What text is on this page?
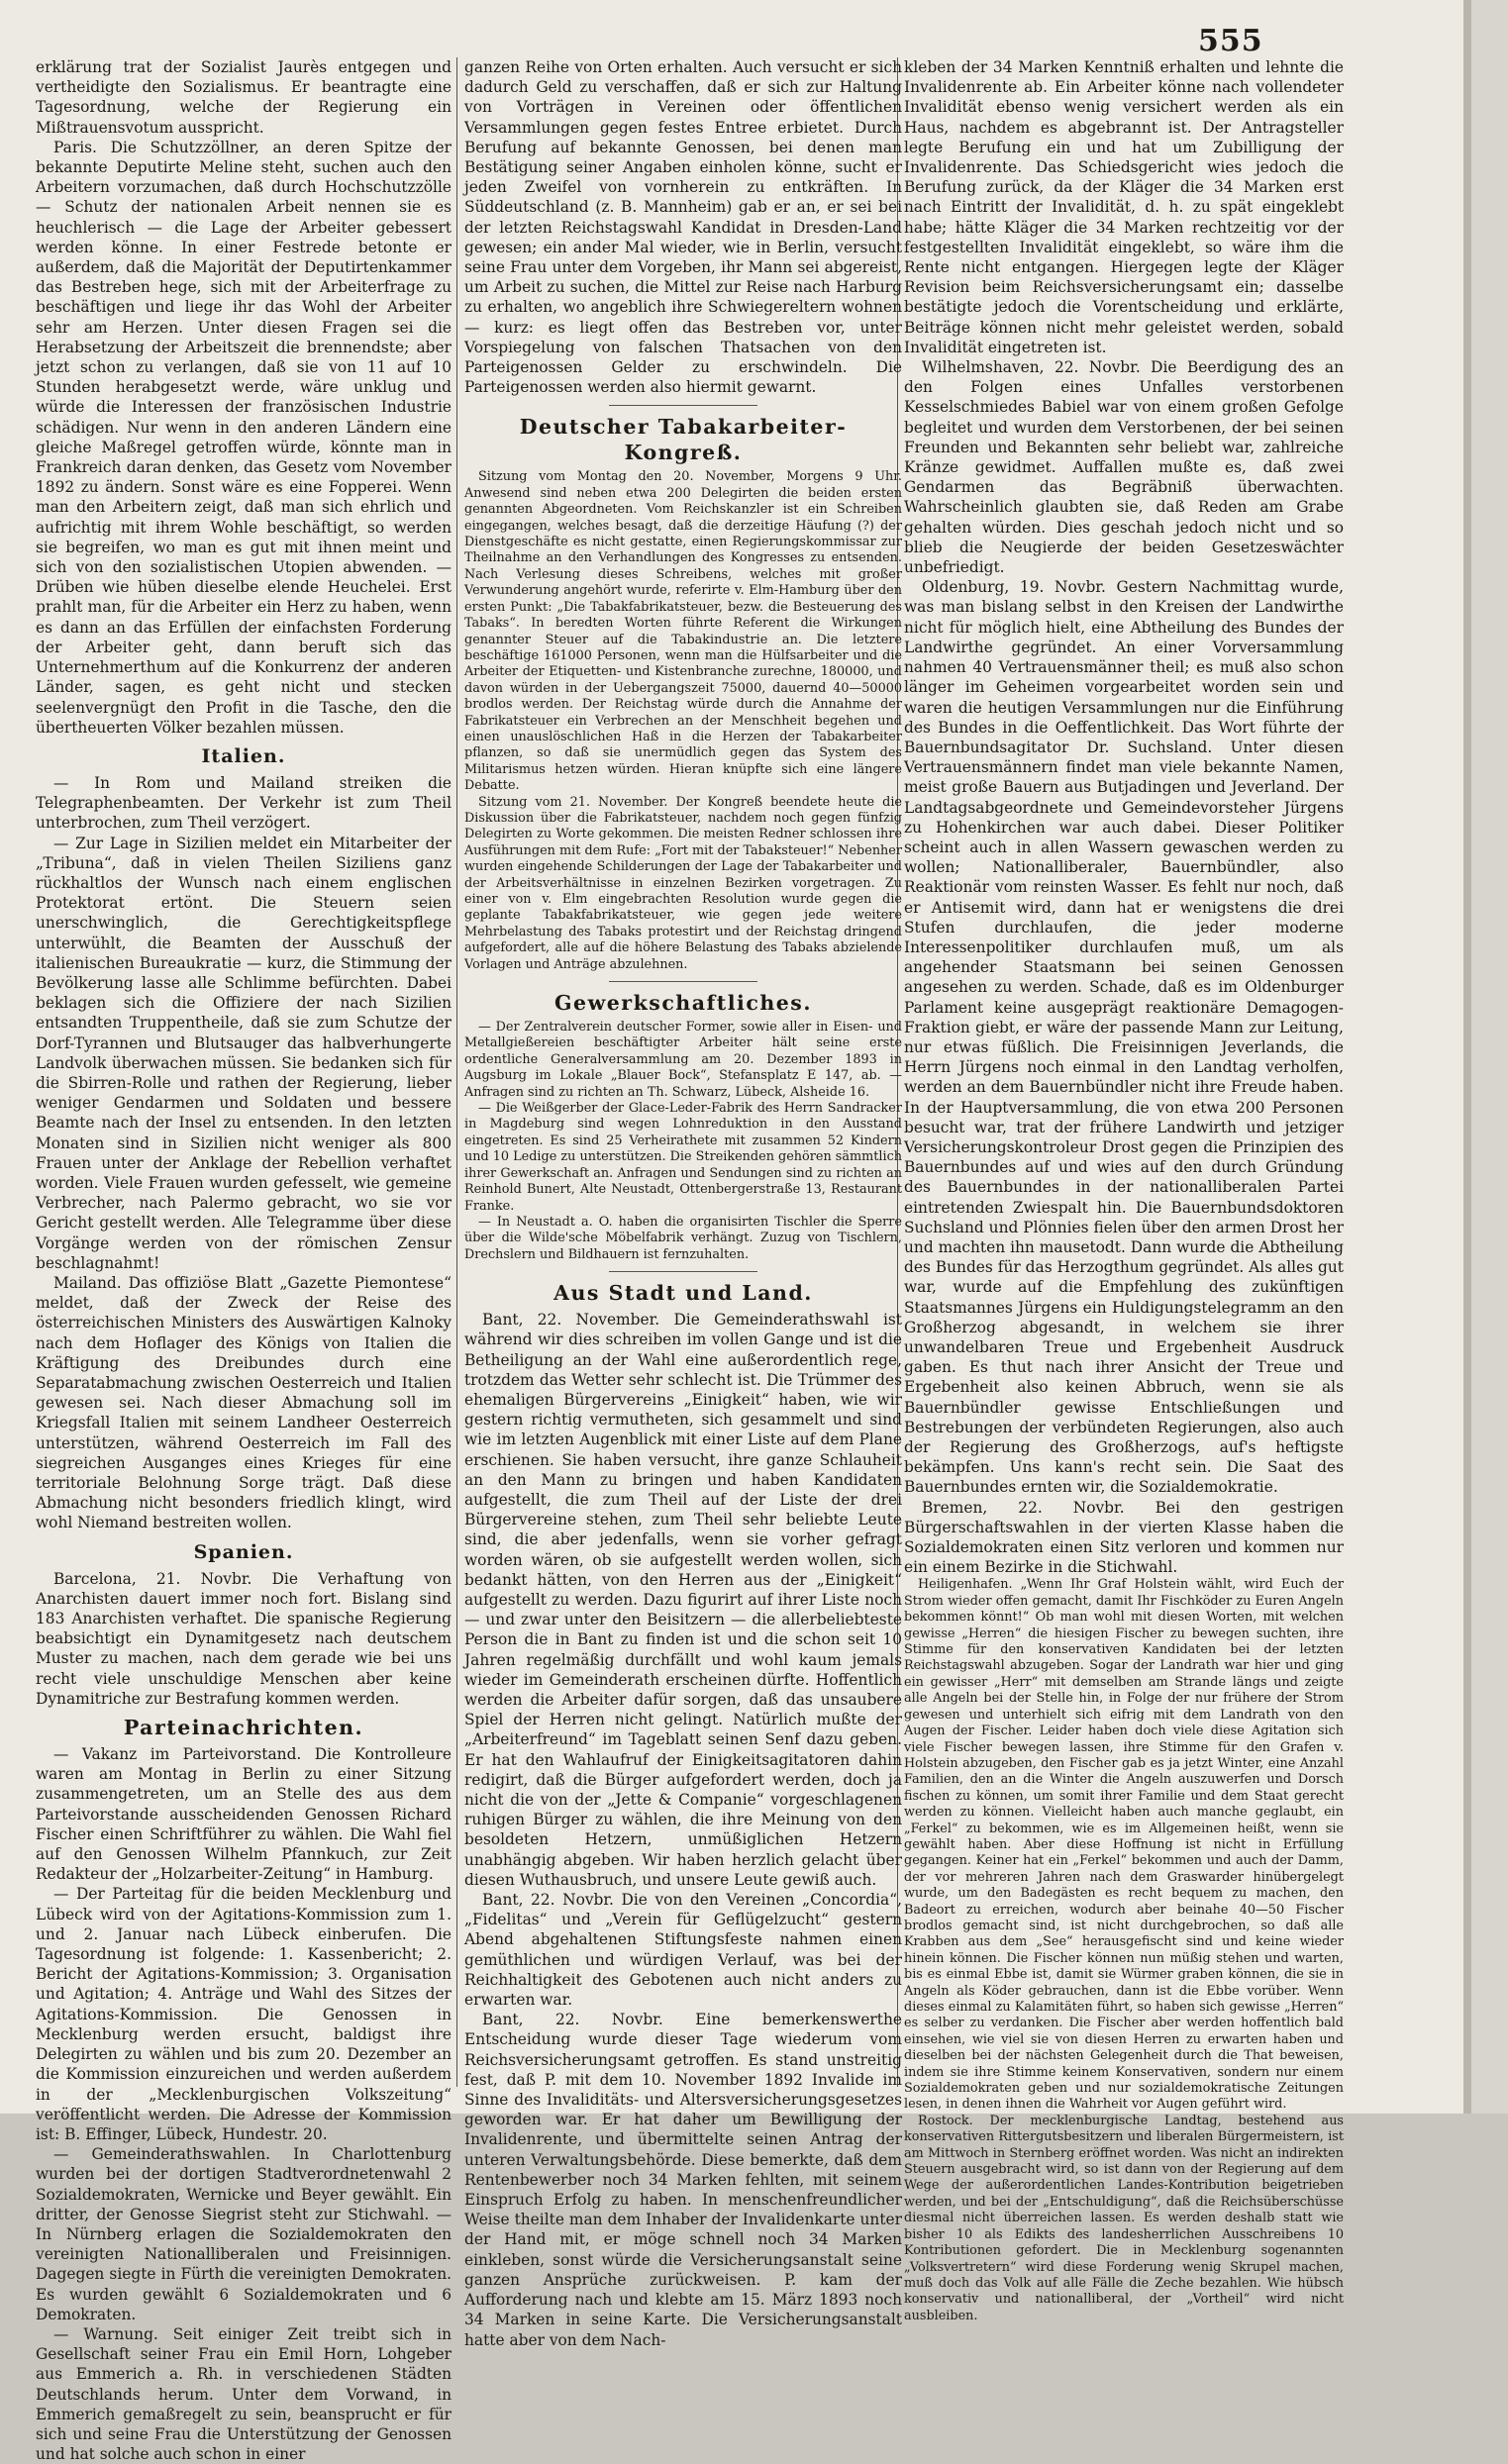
555

erklärung trat der Sozialist Jaurès entgegen und vertheidigte den Sozialismus. Er beantragte eine Tagesordnung, welche der Regierung ein Mißtrauensvotum ausspricht.

Paris. Die Schutzzöllner, an deren Spitze der bekannte Deputirte Meline steht, suchen auch den Arbeitern vorzumachen, daß durch Hochschutzzölle — Schutz der nationalen Arbeit nennen sie es heuchlerisch — die Lage der Arbeiter gebessert werden könne. In einer Festrede betonte er außerdem, daß die Majorität der Deputirtenkammer das Bestreben hege, sich mit der Arbeiterfrage zu beschäftigen und liege ihr das Wohl der Arbeiter sehr am Herzen. Unter diesen Fragen sei die Herabsetzung der Arbeitszeit die brennendste; aber jetzt schon zu verlangen, daß sie von 11 auf 10 Stunden herabgesetzt werde, wäre unklug und würde die Interessen der französischen Industrie schädigen. Nur wenn in den anderen Ländern eine gleiche Maßregel getroffen würde, könnte man in Frankreich daran denken, das Gesetz vom November 1892 zu ändern. Sonst wäre es eine Fopperei. Wenn man den Arbeitern zeigt, daß man sich ehrlich und aufrichtig mit ihrem Wohle beschäftigt, so werden sie begreifen, wo man es gut mit ihnen meint und sich von den sozialistischen Utopien abwenden. — Drüben wie hüben dieselbe elende Heuchelei. Erst prahlt man, für die Arbeiter ein Herz zu haben, wenn es dann an das Erfüllen der einfachsten Forderung der Arbeiter geht, dann beruft sich das Unternehmerthum auf die Konkurrenz der anderen Länder, sagen, es geht nicht und stecken seelenvergnügt den Profit in die Tasche, den die übertheuerten Völker bezahlen müssen.

Italien.

— In Rom und Mailand streiken die Telegraphenbeamten. Der Verkehr ist zum Theil unterbrochen, zum Theil verzögert.

— Zur Lage in Sizilien meldet ein Mitarbeiter der „Tribuna“, daß in vielen Theilen Siziliens ganz rückhaltlos der Wunsch nach einem englischen Protektorat ertönt. Die Steuern seien unerschwinglich, die Gerechtigkeitspflege unterwühlt, die Beamten der Ausschuß der italienischen Bureaukratie — kurz, die Stimmung der Bevölkerung lasse alle Schlimme befürchten. Dabei beklagen sich die Offiziere der nach Sizilien entsandten Truppentheile, daß sie zum Schutze der Dorf-Tyrannen und Blutsauger das halbverhungerte Landvolk überwachen müssen. Sie bedanken sich für die Sbirren-Rolle und rathen der Regierung, lieber weniger Gendarmen und Soldaten und bessere Beamte nach der Insel zu entsenden. In den letzten Monaten sind in Sizilien nicht weniger als 800 Frauen unter der Anklage der Rebellion verhaftet worden. Viele Frauen wurden gefesselt, wie gemeine Verbrecher, nach Palermo gebracht, wo sie vor Gericht gestellt werden. Alle Telegramme über diese Vorgänge werden von der römischen Zensur beschlagnahmt!

Mailand. Das offiziöse Blatt „Gazette Piemontese“ meldet, daß der Zweck der Reise des österreichischen Ministers des Auswärtigen Kalnoky nach dem Hoflager des Königs von Italien die Kräftigung des Dreibundes durch eine Separatabmachung zwischen Oesterreich und Italien gewesen sei. Nach dieser Abmachung soll im Kriegsfall Italien mit seinem Landheer Oesterreich unterstützen, während Oesterreich im Fall des siegreichen Ausganges eines Krieges für eine territoriale Belohnung Sorge trägt. Daß diese Abmachung nicht besonders friedlich klingt, wird wohl Niemand bestreiten wollen.

Spanien.

Barcelona, 21. Novbr. Die Verhaftung von Anarchisten dauert immer noch fort. Bislang sind 183 Anarchisten verhaftet. Die spanische Regierung beabsichtigt ein Dynamitgesetz nach deutschem Muster zu machen, nach dem gerade wie bei uns recht viele unschuldige Menschen aber keine Dynamitriche zur Bestrafung kommen werden.

Parteinachrichten.

— Vakanz im Parteivorstand. Die Kontrolleure waren am Montag in Berlin zu einer Sitzung zusammengetreten, um an Stelle des aus dem Parteivorstande ausscheidenden Genossen Richard Fischer einen Schriftführer zu wählen. Die Wahl fiel auf den Genossen Wilhelm Pfannkuch, zur Zeit Redakteur der „Holzarbeiter-Zeitung“ in Hamburg.

— Der Parteitag für die beiden Mecklenburg und Lübeck wird von der Agitations-Kommission zum 1. und 2. Januar nach Lübeck einberufen. Die Tagesordnung ist folgende: 1. Kassenbericht; 2. Bericht der Agitations-Kommission; 3. Organisation und Agitation; 4. Anträge und Wahl des Sitzes der Agitations-Kommission. Die Genossen in Mecklenburg werden ersucht, baldigst ihre Delegirten zu wählen und bis zum 20. Dezember an die Kommission einzureichen und werden außerdem in der „Mecklenburgischen Volkszeitung“ veröffentlicht werden. Die Adresse der Kommission ist: B. Effinger, Lübeck, Hundestr. 20.

— Gemeinderathswahlen. In Charlottenburg wurden bei der dortigen Stadtverordnetenwahl 2 Sozialdemokraten, Wernicke und Beyer gewählt. Ein dritter, der Genosse Siegrist steht zur Stichwahl. — In Nürnberg erlagen die Sozialdemokraten den vereinigten Nationalliberalen und Freisinnigen. Dagegen siegte in Fürth die vereinigten Demokraten. Es wurden gewählt 6 Sozialdemokraten und 6 Demokraten.

— Warnung. Seit einiger Zeit treibt sich in Gesellschaft seiner Frau ein Emil Horn, Lohgeber aus Emmerich a. Rh. in verschiedenen Städten Deutschlands herum. Unter dem Vorwand, in Emmerich gemaßregelt zu sein, beansprucht er für sich und seine Frau die Unterstützung der Genossen und hat solche auch schon in einer

ganzen Reihe von Orten erhalten. Auch versucht er sich dadurch Geld zu verschaffen, daß er sich zur Haltung von Vorträgen in Vereinen oder öffentlichen Versammlungen gegen festes Entree erbietet. Durch Berufung auf bekannte Genossen, bei denen man Bestätigung seiner Angaben einholen könne, sucht er jeden Zweifel von vornherein zu entkräften. In Süddeutschland (z. B. Mannheim) gab er an, er sei bei der letzten Reichstagswahl Kandidat in Dresden-Land gewesen; ein ander Mal wieder, wie in Berlin, versucht seine Frau unter dem Vorgeben, ihr Mann sei abgereist, um Arbeit zu suchen, die Mittel zur Reise nach Harburg zu erhalten, wo angeblich ihre Schwiegereltern wohnen — kurz: es liegt offen das Bestreben vor, unter Vorspiegelung von falschen Thatsachen von den Parteigenossen Gelder zu erschwindeln. Die Parteigenossen werden also hiermit gewarnt.

Deutscher Tabakarbeiter-Kongreß.

Sitzung vom Montag den 20. November, Morgens 9 Uhr. Anwesend sind neben etwa 200 Delegirten die beiden ersten genannten Abgeordneten. Vom Reichskanzler ist ein Schreiben eingegangen, welches besagt, daß die derzeitige Häufung (?) der Dienstgeschäfte es nicht gestatte, einen Regierungskommissar zur Theilnahme an den Verhandlungen des Kongresses zu entsenden. Nach Verlesung dieses Schreibens, welches mit großer Verwunderung angehört wurde, referirte v. Elm-Hamburg über den ersten Punkt: „Die Tabakfabrikatsteuer, bezw. die Besteuerung des Tabaks“. In beredten Worten führte Referent die Wirkungen genannter Steuer auf die Tabakindustrie an. Die letztere beschäftige 161000 Personen, wenn man die Hülfsarbeiter und die Arbeiter der Etiquetten- und Kistenbranche zurechne, 180000, und davon würden in der Uebergangszeit 75000, dauernd 40—50000 brodlos werden. Der Reichstag würde durch die Annahme der Fabrikatsteuer ein Verbrechen an der Menschheit begehen und einen unauslöschlichen Haß in die Herzen der Tabakarbeiter pflanzen, so daß sie unermüdlich gegen das System des Militarismus hetzen würden. Hieran knüpfte sich eine längere Debatte.

Sitzung vom 21. November. Der Kongreß beendete heute die Diskussion über die Fabrikatsteuer, nachdem noch gegen fünfzig Delegirten zu Worte gekommen. Die meisten Redner schlossen ihre Ausführungen mit dem Rufe: „Fort mit der Tabaksteuer!“ Nebenher wurden eingehende Schilderungen der Lage der Tabakarbeiter und der Arbeitsverhältnisse in einzelnen Bezirken vorgetragen. Zu einer von v. Elm eingebrachten Resolution wurde gegen die geplante Tabakfabrikatsteuer, wie gegen jede weitere Mehrbelastung des Tabaks protestirt und der Reichstag dringend aufgefordert, alle auf die höhere Belastung des Tabaks abzielende Vorlagen und Anträge abzulehnen.

Gewerkschaftliches.

— Der Zentralverein deutscher Former, sowie aller in Eisen- und Metallgießereien beschäftigter Arbeiter hält seine erste ordentliche Generalversammlung am 20. Dezember 1893 in Augsburg im Lokale „Blauer Bock“, Stefansplatz E 147, ab. — Anfragen sind zu richten an Th. Schwarz, Lübeck, Alsheide 16.

— Die Weißgerber der Glace-Leder-Fabrik des Herrn Sandracker in Magdeburg sind wegen Lohnreduktion in den Ausstand eingetreten. Es sind 25 Verheirathete mit zusammen 52 Kindern und 10 Ledige zu unterstützen. Die Streikenden gehören sämmtlich ihrer Gewerkschaft an. Anfragen und Sendungen sind zu richten an Reinhold Bunert, Alte Neustadt, Ottenbergerstraße 13, Restaurant Franke.

— In Neustadt a. O. haben die organisirten Tischler die Sperre über die Wilde'sche Möbelfabrik verhängt. Zuzug von Tischlern, Drechslern und Bildhauern ist fernzuhalten.

Aus Stadt und Land.

Bant, 22. November. Die Gemeinderathswahl ist während wir dies schreiben im vollen Gange und ist die Betheiligung an der Wahl eine außerordentlich rege, trotzdem das Wetter sehr schlecht ist. Die Trümmer des ehemaligen Bürgervereins „Einigkeit“ haben, wie wir gestern richtig vermutheten, sich gesammelt und sind wie im letzten Augenblick mit einer Liste auf dem Plane erschienen. Sie haben versucht, ihre ganze Schlauheit an den Mann zu bringen und haben Kandidaten aufgestellt, die zum Theil auf der Liste der drei Bürgervereine stehen, zum Theil sehr beliebte Leute sind, die aber jedenfalls, wenn sie vorher gefragt worden wären, ob sie aufgestellt werden wollen, sich bedankt hätten, von den Herren aus der „Einigkeit“ aufgestellt zu werden. Dazu figurirt auf ihrer Liste noch — und zwar unter den Beisitzern — die allerbeliebteste Person die in Bant zu finden ist und die schon seit 10 Jahren regelmäßig durchfällt und wohl kaum jemals wieder im Gemeinderath erscheinen dürfte. Hoffentlich werden die Arbeiter dafür sorgen, daß das unsaubere Spiel der Herren nicht gelingt. Natürlich mußte der „Arbeiterfreund“ im Tageblatt seinen Senf dazu geben. Er hat den Wahlaufruf der Einigkeitsagitatoren dahin redigirt, daß die Bürger aufgefordert werden, doch ja nicht die von der „Jette & Companie“ vorgeschlagenen ruhigen Bürger zu wählen, die ihre Meinung von den besoldeten Hetzern, unmüßiglichen Hetzern unabhängig abgeben. Wir haben herzlich gelacht über diesen Wuthausbruch, und unsere Leute gewiß auch.

Bant, 22. Novbr. Die von den Vereinen „Concordia“, „Fidelitas“ und „Verein für Geflügelzucht“ gestern Abend abgehaltenen Stiftungsfeste nahmen einen gemüthlichen und würdigen Verlauf, was bei der Reichhaltigkeit des Gebotenen auch nicht anders zu erwarten war.

Bant, 22. Novbr. Eine bemerkenswerthe Entscheidung wurde dieser Tage wiederum vom Reichsversicherungsamt getroffen. Es stand unstreitig fest, daß P. mit dem 10. November 1892 Invalide im Sinne des Invaliditäts- und Altersversicherungsgesetzes geworden war. Er hat daher um Bewilligung der Invalidenrente, und übermittelte seinen Antrag der unteren Verwaltungsbehörde. Diese bemerkte, daß dem Rentenbewerber noch 34 Marken fehlten, mit seinem Einspruch Erfolg zu haben. In menschenfreundlicher Weise theilte man dem Inhaber der Invalidenkarte unter der Hand mit, er möge schnell noch 34 Marken einkleben, sonst würde die Versicherungsanstalt seine ganzen Ansprüche zurückweisen. P. kam der Aufforderung nach und klebte am 15. März 1893 noch 34 Marken in seine Karte. Die Versicherungsanstalt hatte aber von dem Nach-

kleben der 34 Marken Kenntniß erhalten und lehnte die Invalidenrente ab. Ein Arbeiter könne nach vollendeter Invalidität ebenso wenig versichert werden als ein Haus, nachdem es abgebrannt ist. Der Antragsteller legte Berufung ein und hat um Zubilligung der Invalidenrente. Das Schiedsgericht wies jedoch die Berufung zurück, da der Kläger die 34 Marken erst nach Eintritt der Invalidität, d. h. zu spät eingeklebt habe; hätte Kläger die 34 Marken rechtzeitig vor der festgestellten Invalidität eingeklebt, so wäre ihm die Rente nicht entgangen. Hiergegen legte der Kläger Revision beim Reichsversicherungsamt ein; dasselbe bestätigte jedoch die Vorentscheidung und erklärte, Beiträge können nicht mehr geleistet werden, sobald Invalidität eingetreten ist.

Wilhelmshaven, 22. Novbr. Die Beerdigung des an den Folgen eines Unfalles verstorbenen Kesselschmiedes Babiel war von einem großen Gefolge begleitet und wurden dem Verstorbenen, der bei seinen Freunden und Bekannten sehr beliebt war, zahlreiche Kränze gewidmet. Auffallen mußte es, daß zwei Gendarmen das Begräbniß überwachten. Wahrscheinlich glaubten sie, daß Reden am Grabe gehalten würden. Dies geschah jedoch nicht und so blieb die Neugierde der beiden Gesetzeswächter unbefriedigt.

Oldenburg, 19. Novbr. Gestern Nachmittag wurde, was man bislang selbst in den Kreisen der Landwirthe nicht für möglich hielt, eine Abtheilung des Bundes der Landwirthe gegründet. An einer Vorversammlung nahmen 40 Vertrauensmänner theil; es muß also schon länger im Geheimen vorgearbeitet worden sein und waren die heutigen Versammlungen nur die Einführung des Bundes in die Oeffentlichkeit. Das Wort führte der Bauernbundsagitator Dr. Suchsland. Unter diesen Vertrauensmännern findet man viele bekannte Namen, meist große Bauern aus Butjadingen und Jeverland. Der Landtagsabgeordnete und Gemeindevorsteher Jürgens zu Hohenkirchen war auch dabei. Dieser Politiker scheint auch in allen Wassern gewaschen werden zu wollen; Nationalliberaler, Bauernbündler, also Reaktionär vom reinsten Wasser. Es fehlt nur noch, daß er Antisemit wird, dann hat er wenigstens die drei Stufen durchlaufen, die jeder moderne Interessenpolitiker durchlaufen muß, um als angehender Staatsmann bei seinen Genossen angesehen zu werden. Schade, daß es im Oldenburger Parlament keine ausgeprägt reaktionäre Demagogen-Fraktion giebt, er wäre der passende Mann zur Leitung, nur etwas füßlich. Die Freisinnigen Jeverlands, die Herrn Jürgens noch einmal in den Landtag verholfen, werden an dem Bauernbündler nicht ihre Freude haben. In der Hauptversammlung, die von etwa 200 Personen besucht war, trat der frühere Landwirth und jetziger Versicherungskontroleur Drost gegen die Prinzipien des Bauernbundes auf und wies auf den durch Gründung des Bauernbundes in der nationalliberalen Partei eintretenden Zwiespalt hin. Die Bauernbundsdoktoren Suchsland und Plönnies fielen über den armen Drost her und machten ihn mausetodt. Dann wurde die Abtheilung des Bundes für das Herzogthum gegründet. Als alles gut war, wurde auf die Empfehlung des zukünftigen Staatsmannes Jürgens ein Huldigungstelegramm an den Großherzog abgesandt, in welchem sie ihrer unwandelbaren Treue und Ergebenheit Ausdruck gaben. Es thut nach ihrer Ansicht der Treue und Ergebenheit also keinen Abbruch, wenn sie als Bauernbündler gewisse Entschließungen und Bestrebungen der verbündeten Regierungen, also auch der Regierung des Großherzogs, auf's heftigste bekämpfen. Uns kann's recht sein. Die Saat des Bauernbundes ernten wir, die Sozialdemokratie.

Bremen, 22. Novbr. Bei den gestrigen Bürgerschaftswahlen in der vierten Klasse haben die Sozialdemokraten einen Sitz verloren und kommen nur ein einem Bezirke in die Stichwahl.

Heiligenhafen. „Wenn Ihr Graf Holstein wählt, wird Euch der Strom wieder offen gemacht, damit Ihr Fischköder zu Euren Angeln bekommen könnt!“ Ob man wohl mit diesen Worten, mit welchen gewisse „Herren“ die hiesigen Fischer zu bewegen suchten, ihre Stimme für den konservativen Kandidaten bei der letzten Reichstagswahl abzugeben. Sogar der Landrath war hier und ging ein gewisser „Herr“ mit demselben am Strande längs und zeigte alle Angeln bei der Stelle hin, in Folge der nur frühere der Strom gewesen und unterhielt sich eifrig mit dem Landrath von den Augen der Fischer. Leider haben doch viele diese Agitation sich viele Fischer bewegen lassen, ihre Stimme für den Grafen v. Holstein abzugeben, den Fischer gab es ja jetzt Winter, eine Anzahl Familien, den an die Winter die Angeln auszuwerfen und Dorsch fischen zu können, um somit ihrer Familie und dem Staat gerecht werden zu können. Vielleicht haben auch manche geglaubt, ein „Ferkel“ zu bekommen, wie es im Allgemeinen heißt, wenn sie gewählt haben. Aber diese Hoffnung ist nicht in Erfüllung gegangen. Keiner hat ein „Ferkel“ bekommen und auch der Damm, der vor mehreren Jahren nach dem Graswarder hinübergelegt wurde, um den Badegästen es recht bequem zu machen, den Badeort zu erreichen, wodurch aber beinahe 40—50 Fischer brodlos gemacht sind, ist nicht durchgebrochen, so daß alle Krabben aus dem „See“ herausgefischt sind und keine wieder hinein können. Die Fischer können nun müßig stehen und warten, bis es einmal Ebbe ist, damit sie Würmer graben können, die sie in Angeln als Köder gebrauchen, dann ist die Ebbe vorüber. Wenn dieses einmal zu Kalamitäten führt, so haben sich gewisse „Herren“ es selber zu verdanken. Die Fischer aber werden hoffentlich bald einsehen, wie viel sie von diesen Herren zu erwarten haben und dieselben bei der nächsten Gelegenheit durch die That beweisen, indem sie ihre Stimme keinem Konservativen, sondern nur einem Sozialdemokraten geben und nur sozialdemokratische Zeitungen lesen, in denen ihnen die Wahrheit vor Augen geführt wird.

Rostock. Der mecklenburgische Landtag, bestehend aus konservativen Rittergutsbesitzern und liberalen Bürgermeistern, ist am Mittwoch in Sternberg eröffnet worden. Was nicht an indirekten Steuern ausgebracht wird, so ist dann von der Regierung auf dem Wege der außerordentlichen Landes-Kontribution beigetrieben werden, und bei der „Entschuldigung“, daß die Reichsüberschüsse diesmal nicht überreichen lassen. Es werden deshalb statt wie bisher 10 als Edikts des landesherrlichen Ausschreibens 10 Kontributionen gefordert. Die in Mecklenburg sogenannten „Volksvertretern“ wird diese Forderung wenig Skrupel machen, muß doch das Volk auf alle Fälle die Zeche bezahlen. Wie hübsch konservativ und nationalliberal, der „Vortheil“ wird nicht ausbleiben.
